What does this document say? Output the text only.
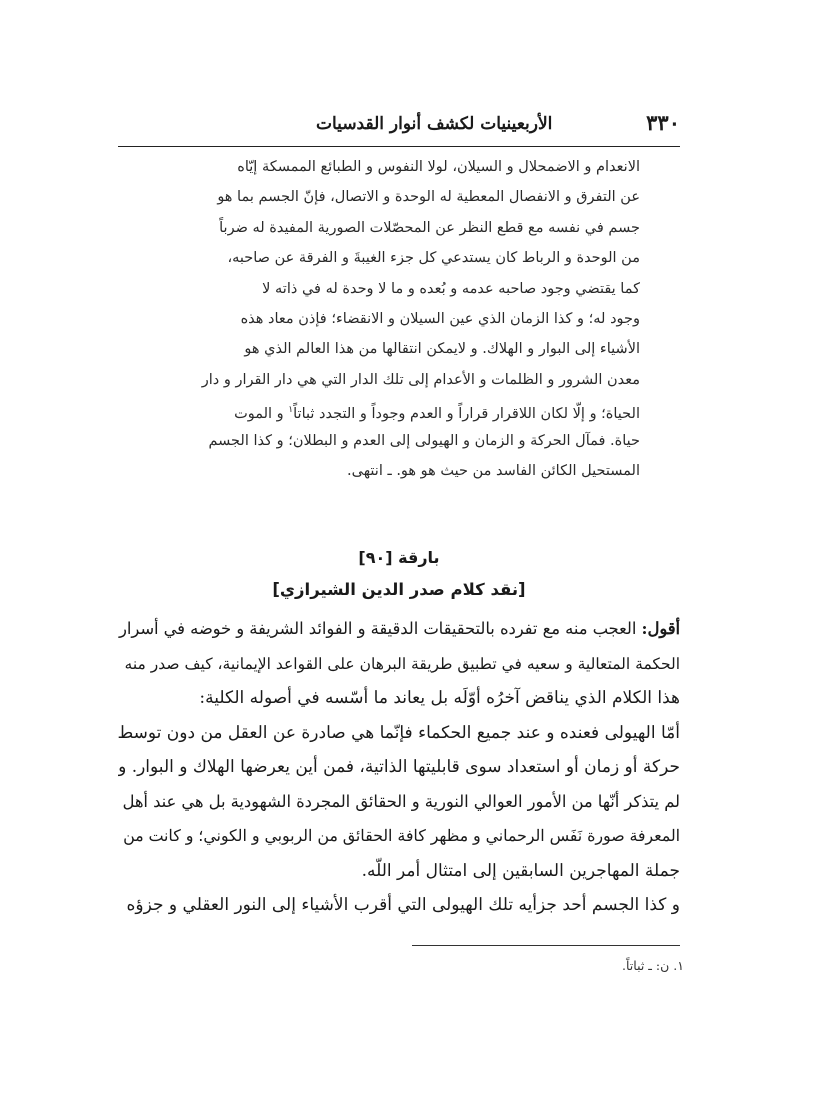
٣٣٠
الأربعينيات لكشف أنوار القدسيات
الانعدام و الاضمحلال و السيلان، لولا النفوس و الطبائع الممسكة إيّاه
عن التفرق و الانفصال المعطية له الوحدة و الاتصال، فإنّ الجسم بما هو
جسم في نفسه مع قطع النظر عن المحصّلات الصورية المفيدة له ضرباً
من الوحدة و الرباط كان يستدعي كل جزء الغيبةَ و الفرقة عن صاحبه،
كما يقتضي وجود صاحبه عدمه و بُعده و ما لا وحدة له في ذاته لا
وجود له؛ و كذا الزمان الذي عين السيلان و الانقضاء؛ فإذن معاد هذه
الأشياء إلى البوار و الهلاك. و لايمكن انتقالها من هذا العالم الذي هو
معدن الشرور و الظلمات و الأعدام إلى تلك الدار التي هي دار القرار و دار
الحياة؛ و إلّا لكان اللاقرار قراراً و العدم وجوداً و التجدد ثباتاً$^١$ و الموت
حياة. فمآل الحركة و الزمان و الهيولى إلى العدم و البطلان؛ و كذا الجسم
المستحيل الكائن الفاسد من حيث هو هو. ـ انتهى.
بارقة [٩٠]
[نقد كلام صدر الدين الشيرازي]
أقول: العجب منه مع تفرده بالتحقيقات الدقيقة و الفوائد الشريفة و خوضه في أسرار
الحكمة المتعالية و سعيه في تطبيق طريقة البرهان على القواعد الإيمانية، كيف صدر منه
هذا الكلام الذي يناقض آخرُه أوّلَه بل يعاند ما أسّسه في أصوله الكلية:
أمّا الهيولى فعنده و عند جميع الحكماء فإنّما هي صادرة عن العقل من دون توسط
حركة أو زمان أو استعداد سوى قابليتها الذاتية، فمن أين يعرضها الهلاك و البوار. و
لم يتذكر أنّها من الأمور العوالي النورية و الحقائق المجردة الشهودية بل هي عند أهل
المعرفة صورة نَفَس الرحماني و مظهر كافة الحقائق من الربوبي و الكوني؛ و كانت من
جملة المهاجرين السابقين إلى امتثال أمر اللّه.
و كذا الجسم أحد جزأيه تلك الهيولى التي أقرب الأشياء إلى النور العقلي و جزؤه
١. ن: ـ ثباتاً.
